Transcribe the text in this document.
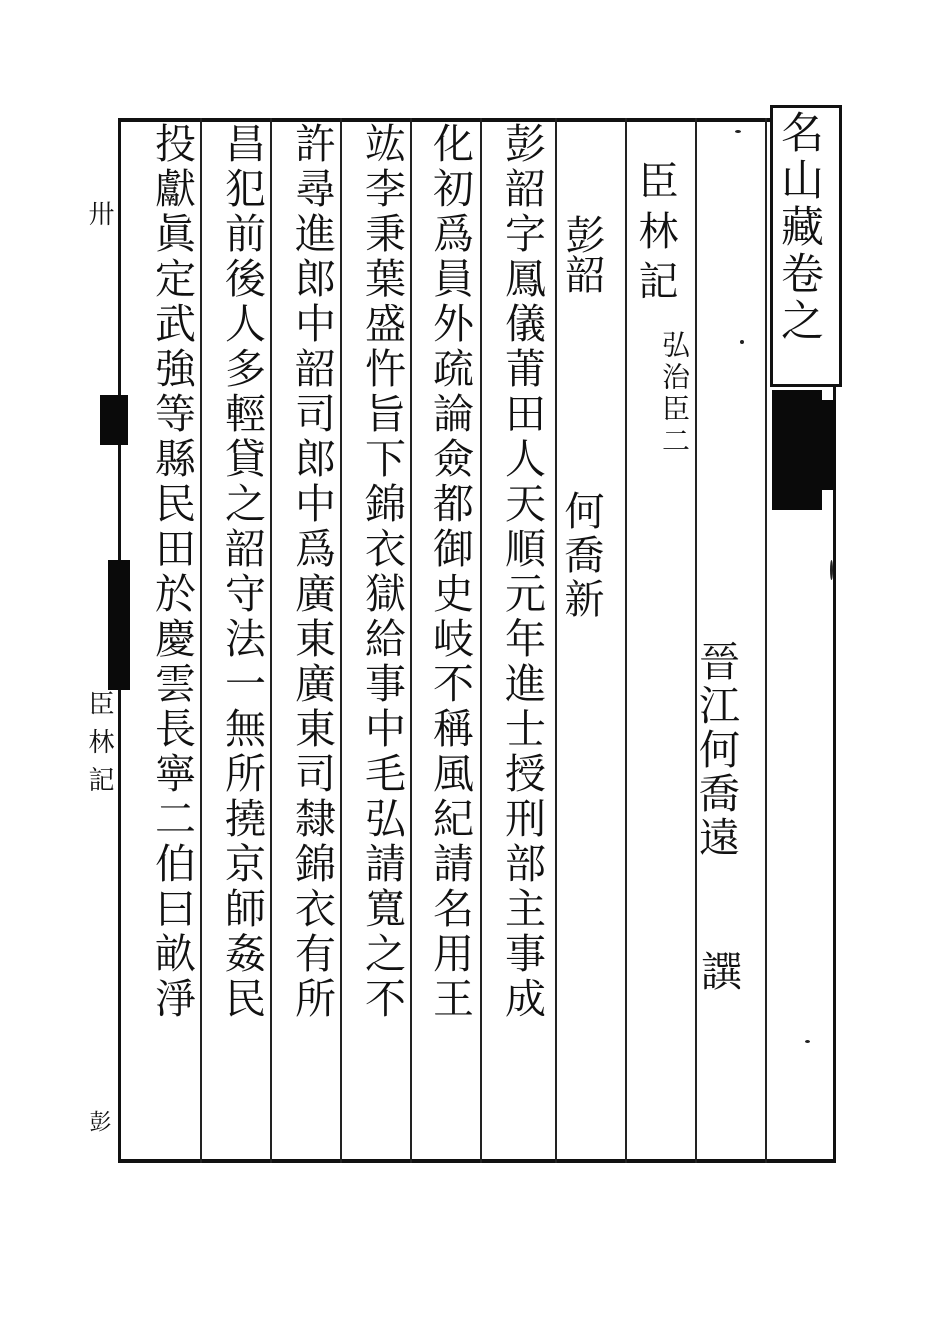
名山藏卷之
晉江何喬遠
譔
臣林記
弘治臣二
彭韶
何喬新
彭韶字鳳儀莆田人天順元年進士授刑部主事成
化初爲員外疏論僉都御史岐不稱風紀請名用王
竑李秉葉盛忤旨下錦衣獄給事中毛弘請寬之不
許尋進郎中韶司郎中爲廣東廣東司隸錦衣有所
昌犯前後人多輕貸之韶守法一無所撓京師姦民
投獻眞定武強等縣民田於慶雲長寧二伯曰畝淨
臣林記
卅
彭
